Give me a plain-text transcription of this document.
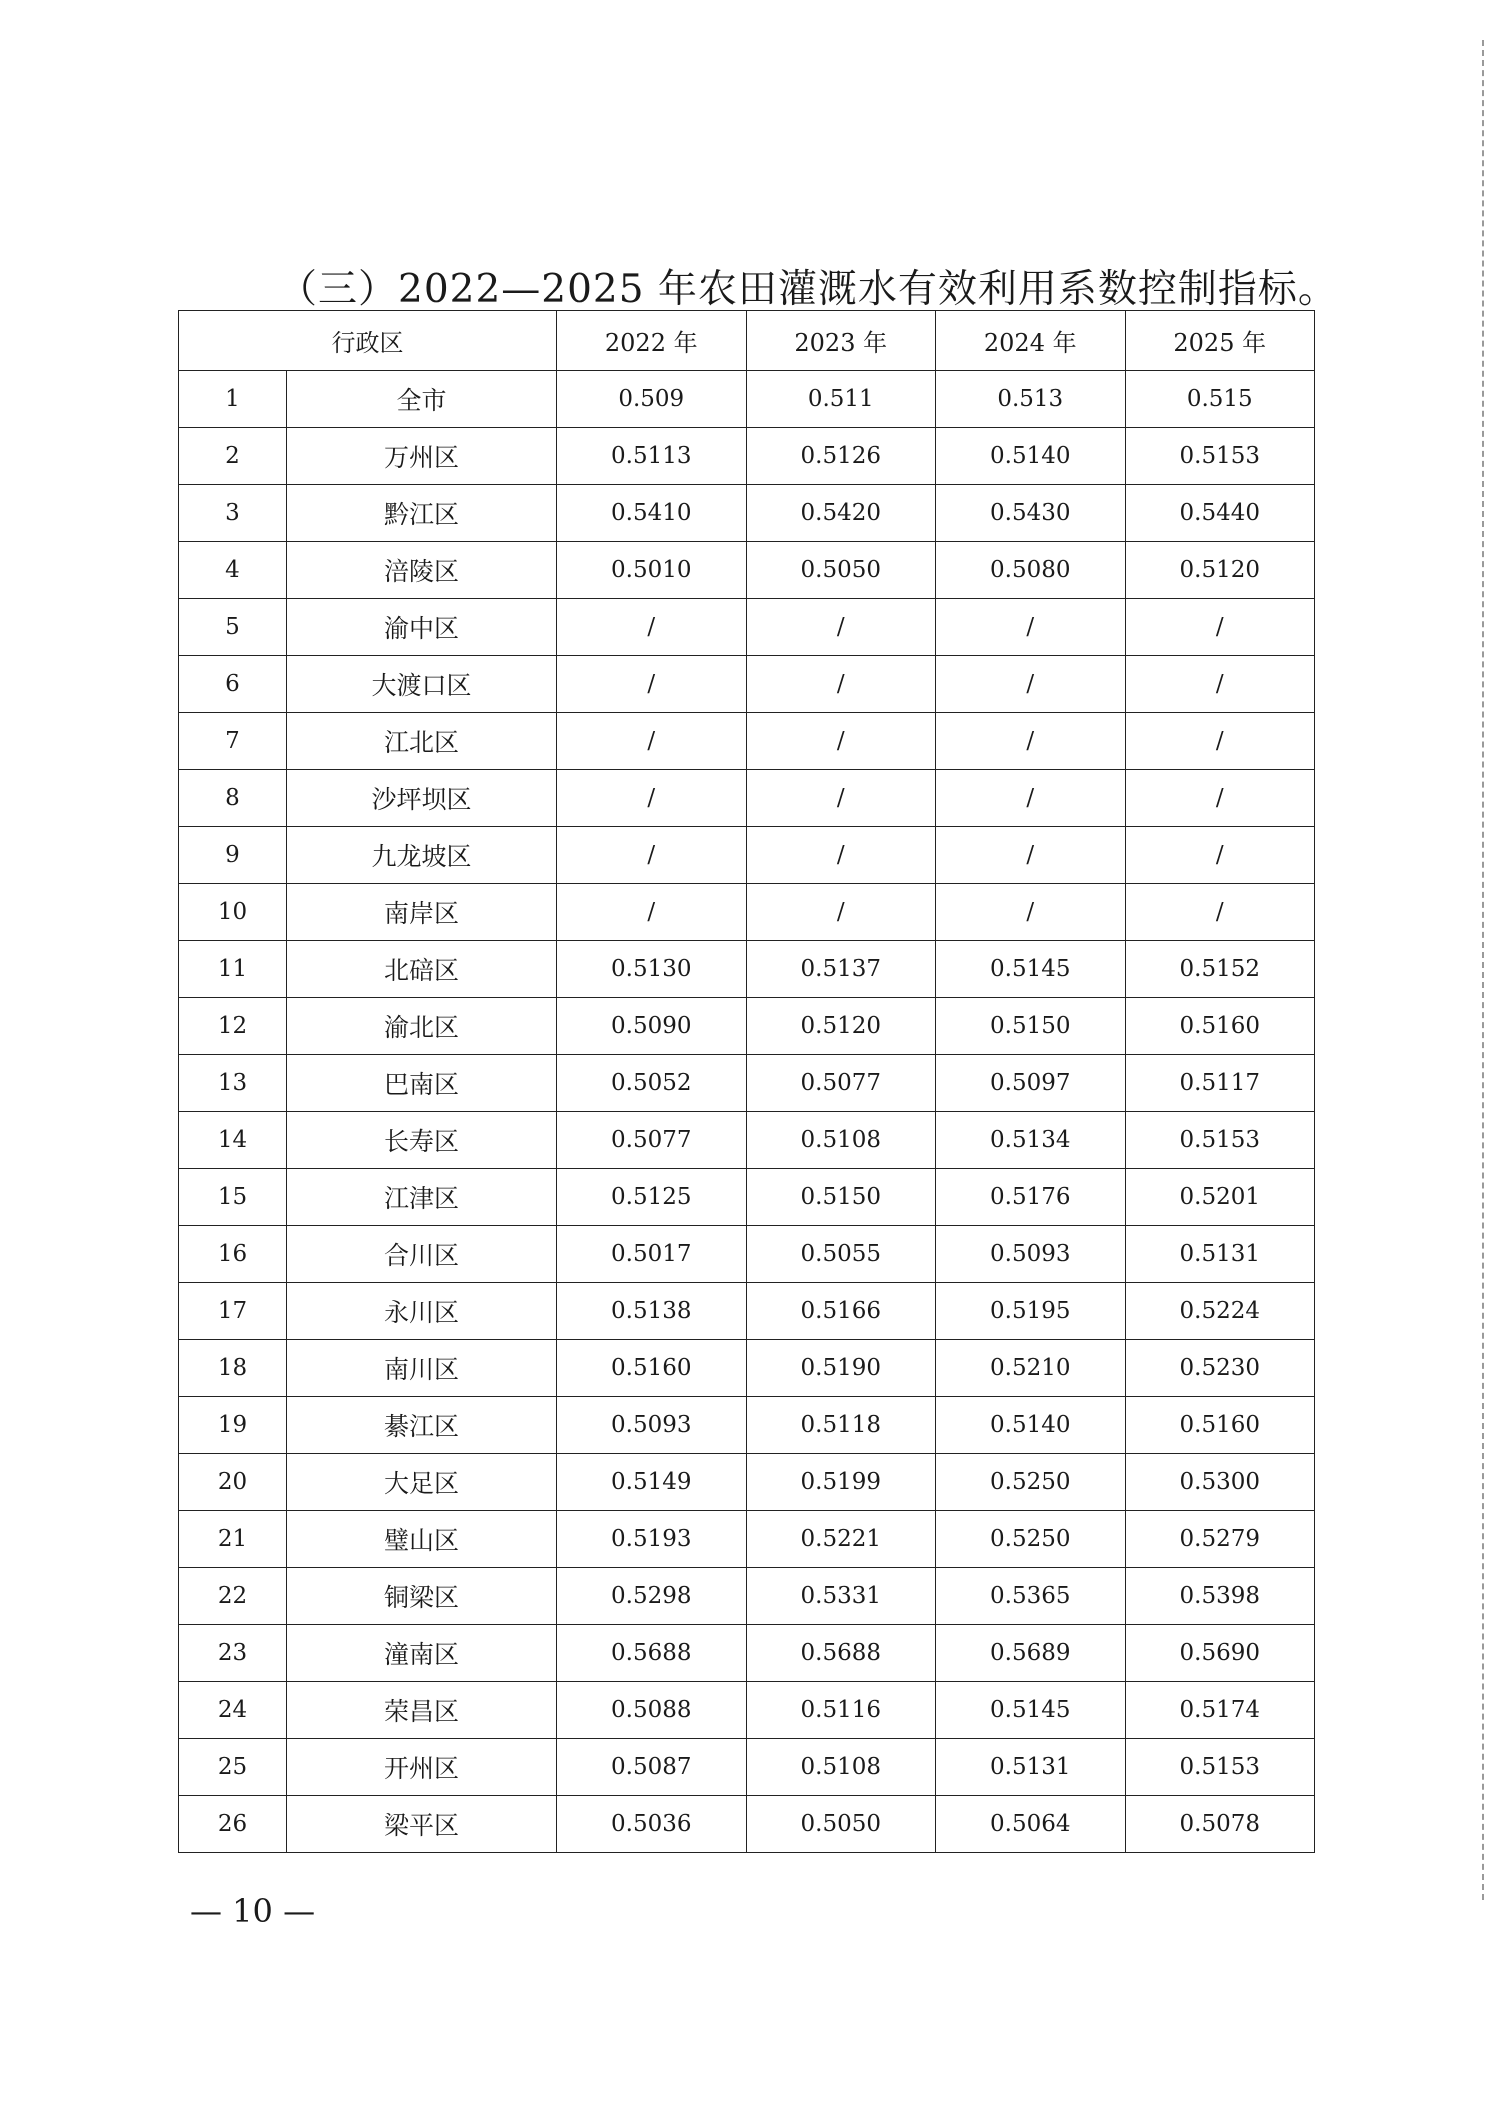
（三）2022—2025 年农田灌溉水有效利用系数控制指标。
行政区		2022 年	2023 年	2024 年	2025 年
1	全市	0.509	0.511	0.513	0.515
2	万州区	0.5113	0.5126	0.5140	0.5153
3	黔江区	0.5410	0.5420	0.5430	0.5440
4	涪陵区	0.5010	0.5050	0.5080	0.5120
5	渝中区	/	/	/	/
6	大渡口区	/	/	/	/
7	江北区	/	/	/	/
8	沙坪坝区	/	/	/	/
9	九龙坡区	/	/	/	/
10	南岸区	/	/	/	/
11	北碚区	0.5130	0.5137	0.5145	0.5152
12	渝北区	0.5090	0.5120	0.5150	0.5160
13	巴南区	0.5052	0.5077	0.5097	0.5117
14	长寿区	0.5077	0.5108	0.5134	0.5153
15	江津区	0.5125	0.5150	0.5176	0.5201
16	合川区	0.5017	0.5055	0.5093	0.5131
17	永川区	0.5138	0.5166	0.5195	0.5224
18	南川区	0.5160	0.5190	0.5210	0.5230
19	綦江区	0.5093	0.5118	0.5140	0.5160
20	大足区	0.5149	0.5199	0.5250	0.5300
21	璧山区	0.5193	0.5221	0.5250	0.5279
22	铜梁区	0.5298	0.5331	0.5365	0.5398
23	潼南区	0.5688	0.5688	0.5689	0.5690
24	荣昌区	0.5088	0.5116	0.5145	0.5174
25	开州区	0.5087	0.5108	0.5131	0.5153
26	梁平区	0.5036	0.5050	0.5064	0.5078
— 10 —
